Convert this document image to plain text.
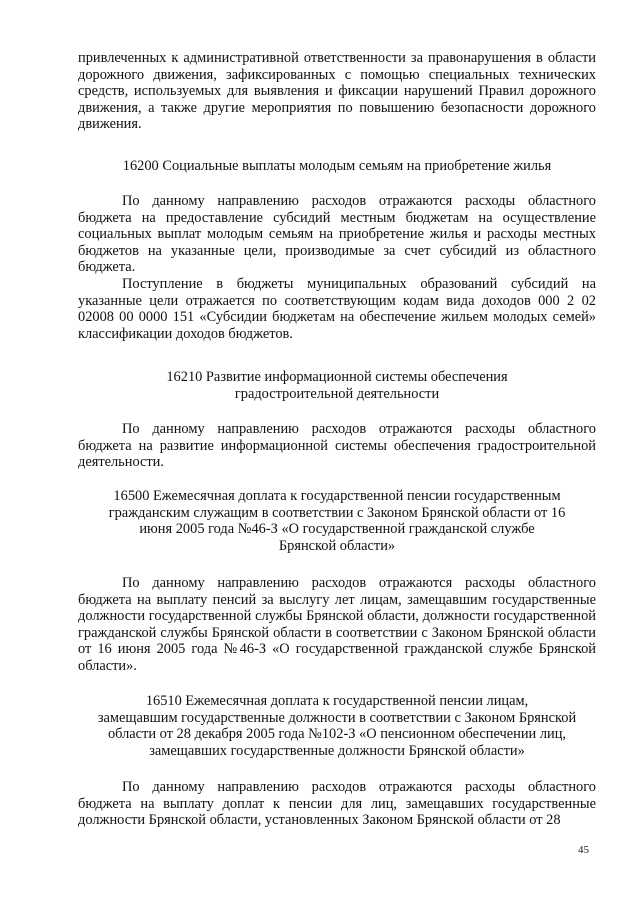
привлеченных к административной ответственности за правонарушения в области дорожного движения, зафиксированных с помощью специальных технических средств, используемых для выявления и фиксации нарушений Правил дорожного движения, а также другие мероприятия по повышению безопасности дорожного движения.

16200 Социальные выплаты молодым семьям на приобретение жилья

По данному направлению расходов отражаются расходы областного бюджета на предоставление субсидий местным бюджетам на осуществление социальных выплат молодым семьям на приобретение жилья и расходы местных бюджетов на указанные цели, производимые за счет субсидий из областного бюджета.

Поступление в бюджеты муниципальных образований субсидий на указанные цели отражается по соответствующим кодам вида доходов 000 2 02 02008 00 0000 151 «Субсидии бюджетам на обеспечение жильем молодых семей» классификации доходов бюджетов.

16210 Развитие информационной системы обеспечения
градостроительной деятельности

По данному направлению расходов отражаются расходы областного бюджета на развитие информационной системы обеспечения градостроительной деятельности.

16500 Ежемесячная доплата к государственной пенсии государственным
гражданским служащим в соответствии с Законом Брянской области от 16
июня 2005 года №46-З «О государственной гражданской службе
Брянской области»

По данному направлению расходов отражаются расходы областного бюджета на выплату пенсий за выслугу лет лицам, замещавшим государственные должности государственной службы Брянской области, должности государственной гражданской службы Брянской области в соответствии с Законом Брянской области от 16 июня 2005 года №46-З «О государственной гражданской службе Брянской области».

16510 Ежемесячная доплата к государственной пенсии лицам,
замещавшим государственные должности в соответствии с Законом Брянской
области от 28 декабря 2005 года №102-З «О пенсионном обеспечении лиц,
замещавших государственные должности Брянской области»

По данному направлению расходов отражаются расходы областного бюджета на выплату доплат к пенсии для лиц, замещавших государственные должности Брянской области, установленных Законом Брянской области от 28

45
